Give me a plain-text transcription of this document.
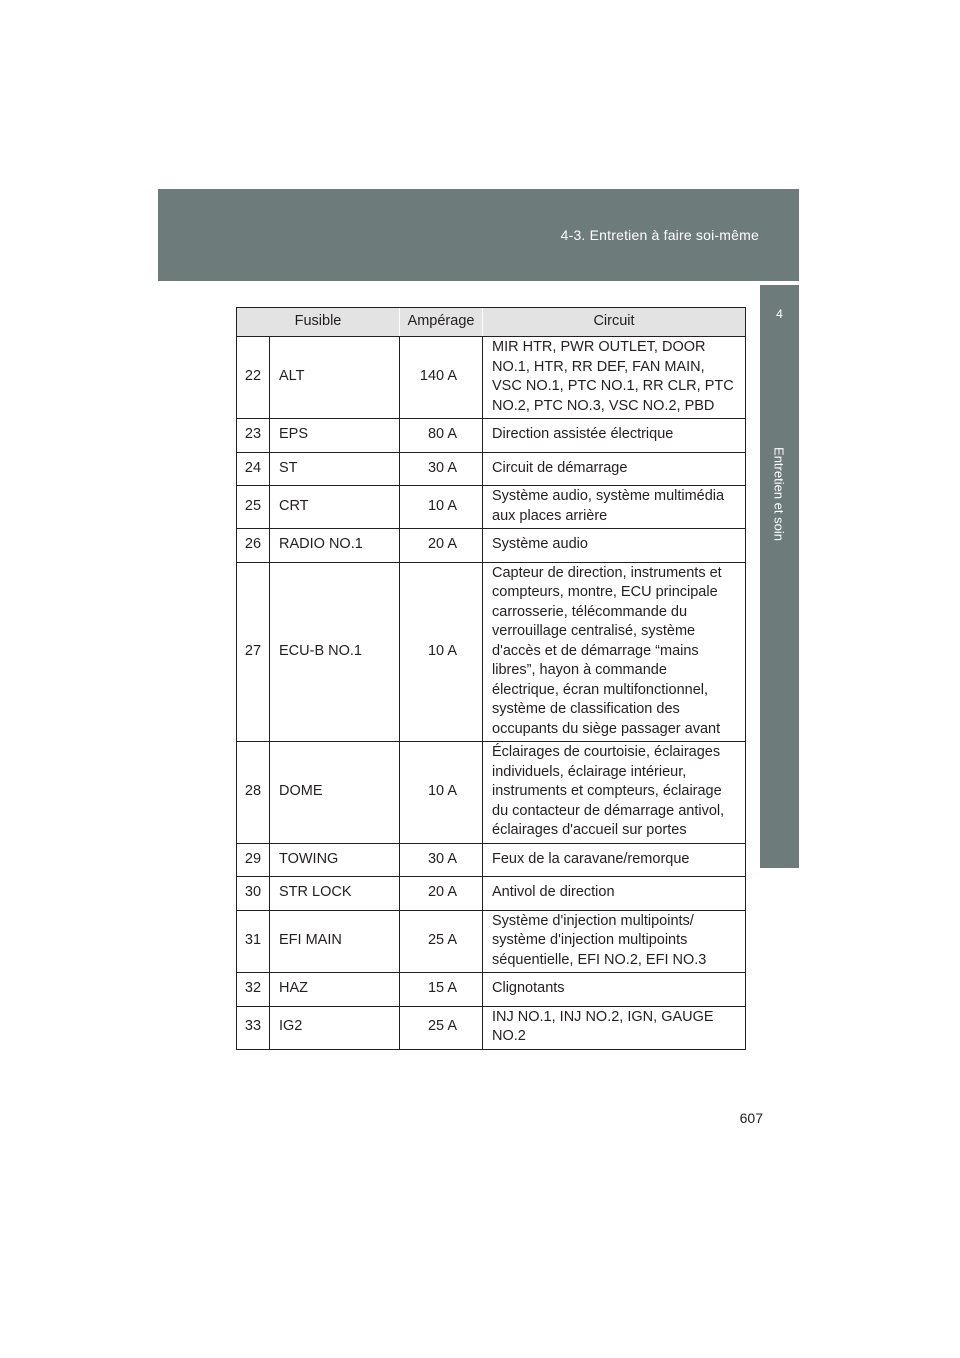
4-3. Entretien à faire soi-même
4
Entretien et soin
Fusible		Ampérage	Circuit

22	ALT	140 A	MIR HTR, PWR OUTLET, DOOR NO.1, HTR, RR DEF, FAN MAIN, VSC NO.1, PTC NO.1, RR CLR, PTC NO.2, PTC NO.3, VSC NO.2, PBD

23	EPS	80 A	Direction assistée électrique

24	ST	30 A	Circuit de démarrage

25	CRT	10 A	Système audio, système multimédia aux places arrière

26	RADIO NO.1	20 A	Système audio

27	ECU-B NO.1	10 A	Capteur de direction, instruments et compteurs, montre, ECU principale carrosserie, télécommande du verrouillage centralisé, système d'accès et de démarrage “mains libres”, hayon à commande électrique, écran multifonctionnel, système de classification des occupants du siège passager avant

28	DOME	10 A	Éclairages de courtoisie, éclairages individuels, éclairage intérieur, instruments et compteurs, éclairage du contacteur de démarrage antivol, éclairages d'accueil sur portes

29	TOWING	30 A	Feux de la caravane/remorque

30	STR LOCK	20 A	Antivol de direction

31	EFI MAIN	25 A	Système d'injection multipoints/ système d'injection multipoints séquentielle, EFI NO.2, EFI NO.3

32	HAZ	15 A	Clignotants

33	IG2	25 A	INJ NO.1, INJ NO.2, IGN, GAUGE NO.2
607
